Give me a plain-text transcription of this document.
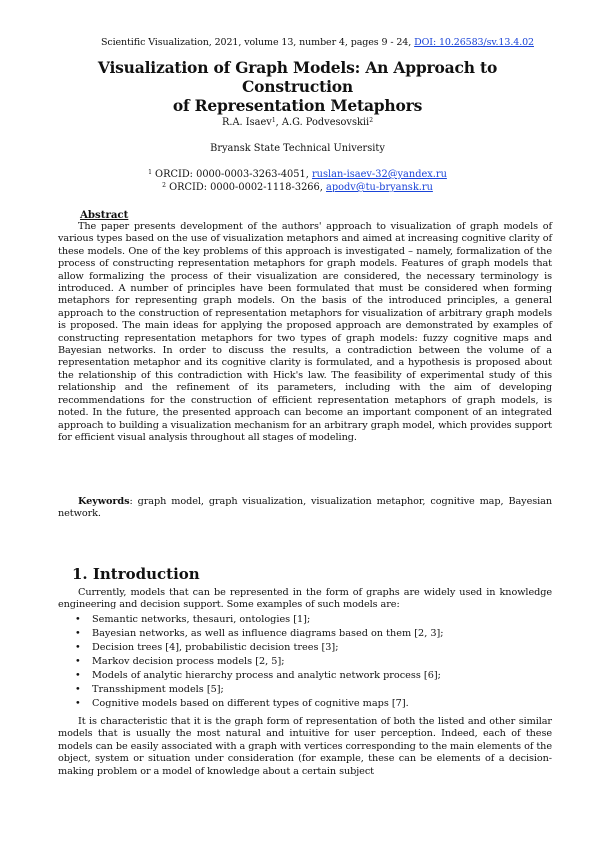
Scientific Visualization, 2021, volume 13, number 4, pages 9 - 24, DOI: 10.26583/sv.13.4.02
Visualization of Graph Models: An Approach to Construction
of Representation Metaphors
R.A. Isaev$^1$, A.G. Podvesovskii$^2$
Bryansk State Technical University
$^1$ ORCID: 0000-0003-3263-4051, ruslan-isaev-32@yandex.ru
$^2$ ORCID: 0000-0002-1118-3266, apodv@tu-bryansk.ru
Abstract

The paper presents development of the authors' approach to visualization of graph models of various types based on the use of visualization metaphors and aimed at increasing cognitive clarity of these models. One of the key problems of this approach is investigated – namely, formalization of the process of constructing representation metaphors for graph models. Features of graph models that allow formalizing the process of their visualization are considered, the necessary terminology is introduced. A number of principles have been formulated that must be considered when forming metaphors for representing graph models. On the basis of the introduced principles, a general approach to the construction of representation metaphors for visualization of arbitrary graph models is proposed. The main ideas for applying the proposed approach are demonstrated by examples of constructing representation metaphors for two types of graph models: fuzzy cognitive maps and Bayesian networks. In order to discuss the results, a contradiction between the volume of a representation metaphor and its cognitive clarity is formulated, and a hypothesis is proposed about the relationship of this contradiction with Hick's law. The feasibility of experimental study of this relationship and the refinement of its parameters, including with the aim of developing recommendations for the construction of efficient representation metaphors of graph models, is noted. In the future, the presented approach can become an important component of an integrated approach to building a visualization mechanism for an arbitrary graph model, which provides support for efficient visual analysis throughout all stages of modeling.

Keywords: graph model, graph visualization, visualization metaphor, cognitive map, Bayesian network.

1. Introduction

Currently, models that can be represented in the form of graphs are widely used in knowledge engineering and decision support. Some examples of such models are:

• Semantic networks, thesauri, ontologies [1];
• Bayesian networks, as well as influence diagrams based on them [2, 3];
• Decision trees [4], probabilistic decision trees [3];
• Markov decision process models [2, 5];
• Models of analytic hierarchy process and analytic network process [6];
• Transshipment models [5];
• Cognitive models based on different types of cognitive maps [7].

It is characteristic that it is the graph form of representation of both the listed and other similar models that is usually the most natural and intuitive for user perception. Indeed, each of these models can be easily associated with a graph with vertices corresponding to the main elements of the object, system or situation under consideration (for example, these can be elements of a decision-making problem or a model of knowledge about a certain subject
